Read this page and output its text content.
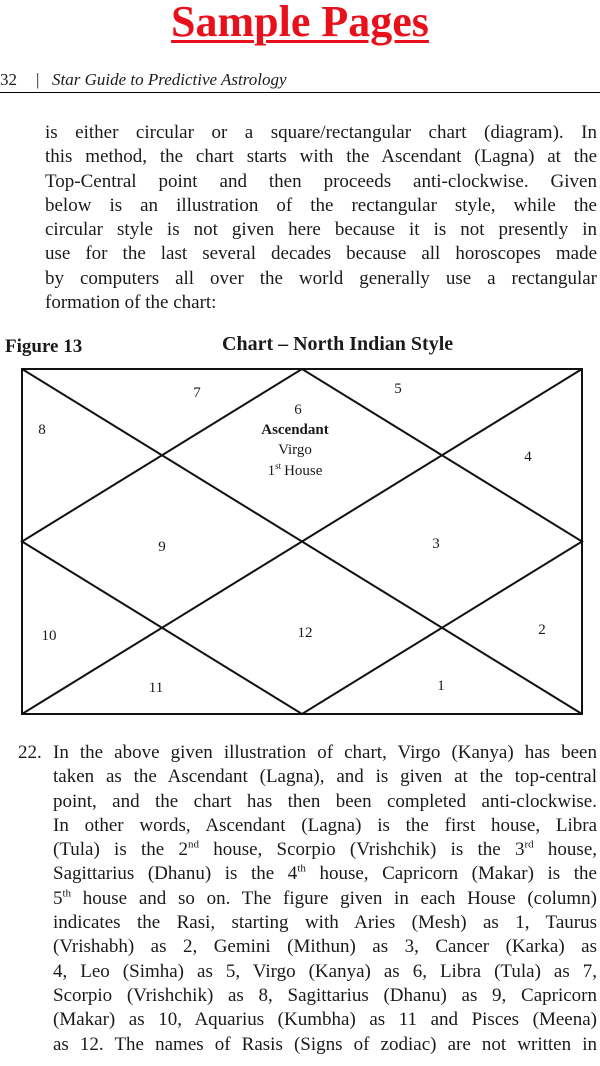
Sample Pages
32 | Star Guide to Predictive Astrology
is either circular or a square/rectangular chart (diagram). In
this method, the chart starts with the Ascendant (Lagna) at the
Top-Central point and then proceeds anti-clockwise. Given
below is an illustration of the rectangular style, while the
circular style is not given here because it is not presently in
use for the last several decades because all horoscopes made
by computers all over the world generally use a rectangular
formation of the chart:
Figure 13	Chart – North Indian Style
7	5
6
Ascendant
Virgo
1st House
8
4
9	3
10	12	2
11	1
22. In the above given illustration of chart, Virgo (Kanya) has been
taken as the Ascendant (Lagna), and is given at the top-central
point, and the chart has then been completed anti-clockwise.
In other words, Ascendant (Lagna) is the first house, Libra
(Tula) is the 2nd house, Scorpio (Vrishchik) is the 3rd house,
Sagittarius (Dhanu) is the 4th house, Capricorn (Makar) is the
5th house and so on. The figure given in each House (column)
indicates the Rasi, starting with Aries (Mesh) as 1, Taurus
(Vrishabh) as 2, Gemini (Mithun) as 3, Cancer (Karka) as
4, Leo (Simha) as 5, Virgo (Kanya) as 6, Libra (Tula) as 7,
Scorpio (Vrishchik) as 8, Sagittarius (Dhanu) as 9, Capricorn
(Makar) as 10, Aquarius (Kumbha) as 11 and Pisces (Meena)
as 12. The names of Rasis (Signs of zodiac) are not written in
